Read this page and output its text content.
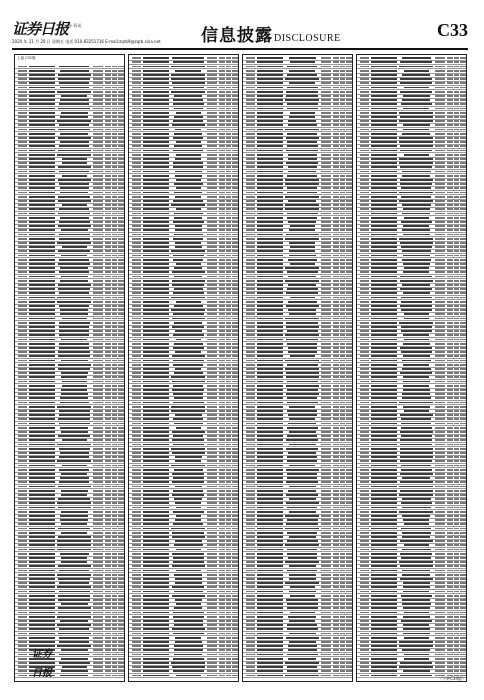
证券日报
证券 资讯
2020 年 11 月 20 日 星期五 电话 010-83251716 E-mail:zqrb9@zqrb.sina.net 信息披露DISCLOSURE	C33
上接 C32版
证券日报	（下转C34版）
